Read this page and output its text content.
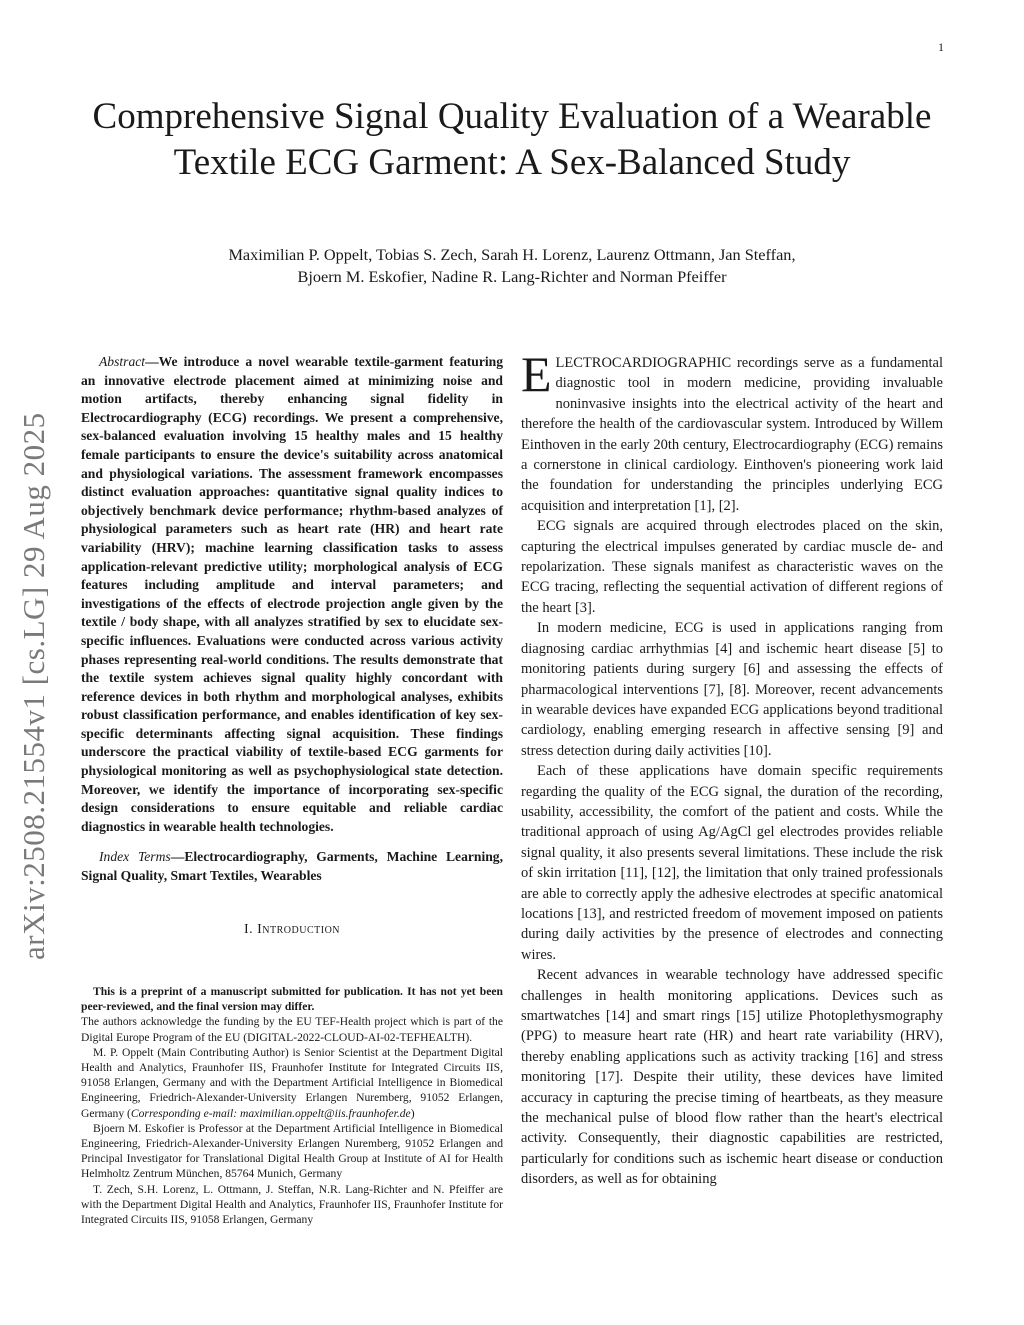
1
arXiv:2508.21554v1 [cs.LG] 29 Aug 2025
Comprehensive Signal Quality Evaluation of a Wearable Textile ECG Garment: A Sex-Balanced Study
Maximilian P. Oppelt, Tobias S. Zech, Sarah H. Lorenz, Laurenz Ottmann, Jan Steffan,
Bjoern M. Eskofier, Nadine R. Lang-Richter and Norman Pfeiffer

Abstract—We introduce a novel wearable textile-garment featuring an innovative electrode placement aimed at minimizing noise and motion artifacts, thereby enhancing signal fidelity in Electrocardiography (ECG) recordings. We present a comprehensive, sex-balanced evaluation involving 15 healthy males and 15 healthy female participants to ensure the device's suitability across anatomical and physiological variations. The assessment framework encompasses distinct evaluation approaches: quantitative signal quality indices to objectively benchmark device performance; rhythm-based analyzes of physiological parameters such as heart rate (HR) and heart rate variability (HRV); machine learning classification tasks to assess application-relevant predictive utility; morphological analysis of ECG features including amplitude and interval parameters; and investigations of the effects of electrode projection angle given by the textile / body shape, with all analyzes stratified by sex to elucidate sex-specific influences. Evaluations were conducted across various activity phases representing real-world conditions. The results demonstrate that the textile system achieves signal quality highly concordant with reference devices in both rhythm and morphological analyses, exhibits robust classification performance, and enables identification of key sex-specific determinants affecting signal acquisition. These findings underscore the practical viability of textile-based ECG garments for physiological monitoring as well as psychophysiological state detection. Moreover, we identify the importance of incorporating sex-specific design considerations to ensure equitable and reliable cardiac diagnostics in wearable health technologies.

Index Terms—Electrocardiography, Garments, Machine Learning, Signal Quality, Smart Textiles, Wearables

I. Introduction

This is a preprint of a manuscript submitted for publication. It has not yet been peer-reviewed, and the final version may differ.

The authors acknowledge the funding by the EU TEF-Health project which is part of the Digital Europe Program of the EU (DIGITAL-2022-CLOUD-AI-02-TEFHEALTH).

M. P. Oppelt (Main Contributing Author) is Senior Scientist at the Department Digital Health and Analytics, Fraunhofer IIS, Fraunhofer Institute for Integrated Circuits IIS, 91058 Erlangen, Germany and with the Department Artificial Intelligence in Biomedical Engineering, Friedrich-Alexander-University Erlangen Nuremberg, 91052 Erlangen, Germany (Corresponding e-mail: maximilian.oppelt@iis.fraunhofer.de)

Bjoern M. Eskofier is Professor at the Department Artificial Intelligence in Biomedical Engineering, Friedrich-Alexander-University Erlangen Nuremberg, 91052 Erlangen and Principal Investigator for Translational Digital Health Group at Institute of AI for Health Helmholtz Zentrum München, 85764 Munich, Germany

T. Zech, S.H. Lorenz, L. Ottmann, J. Steffan, N.R. Lang-Richter and N. Pfeiffer are with the Department Digital Health and Analytics, Fraunhofer IIS, Fraunhofer Institute for Integrated Circuits IIS, 91058 Erlangen, Germany

ELECTROCARDIOGRAPHIC recordings serve as a fundamental diagnostic tool in modern medicine, providing invaluable noninvasive insights into the electrical activity of the heart and therefore the health of the cardiovascular system. Introduced by Willem Einthoven in the early 20th century, Electrocardiography (ECG) remains a cornerstone in clinical cardiology. Einthoven's pioneering work laid the foundation for understanding the principles underlying ECG acquisition and interpretation [1], [2].

ECG signals are acquired through electrodes placed on the skin, capturing the electrical impulses generated by cardiac muscle de- and repolarization. These signals manifest as characteristic waves on the ECG tracing, reflecting the sequential activation of different regions of the heart [3].

In modern medicine, ECG is used in applications ranging from diagnosing cardiac arrhythmias [4] and ischemic heart disease [5] to monitoring patients during surgery [6] and assessing the effects of pharmacological interventions [7], [8]. Moreover, recent advancements in wearable devices have expanded ECG applications beyond traditional cardiology, enabling emerging research in affective sensing [9] and stress detection during daily activities [10].

Each of these applications have domain specific requirements regarding the quality of the ECG signal, the duration of the recording, usability, accessibility, the comfort of the patient and costs. While the traditional approach of using Ag/AgCl gel electrodes provides reliable signal quality, it also presents several limitations. These include the risk of skin irritation [11], [12], the limitation that only trained professionals are able to correctly apply the adhesive electrodes at specific anatomical locations [13], and restricted freedom of movement imposed on patients during daily activities by the presence of electrodes and connecting wires.

Recent advances in wearable technology have addressed specific challenges in health monitoring applications. Devices such as smartwatches [14] and smart rings [15] utilize Photoplethysmography (PPG) to measure heart rate (HR) and heart rate variability (HRV), thereby enabling applications such as activity tracking [16] and stress monitoring [17]. Despite their utility, these devices have limited accuracy in capturing the precise timing of heartbeats, as they measure the mechanical pulse of blood flow rather than the heart's electrical activity. Consequently, their diagnostic capabilities are restricted, particularly for conditions such as ischemic heart disease or conduction disorders, as well as for obtaining
